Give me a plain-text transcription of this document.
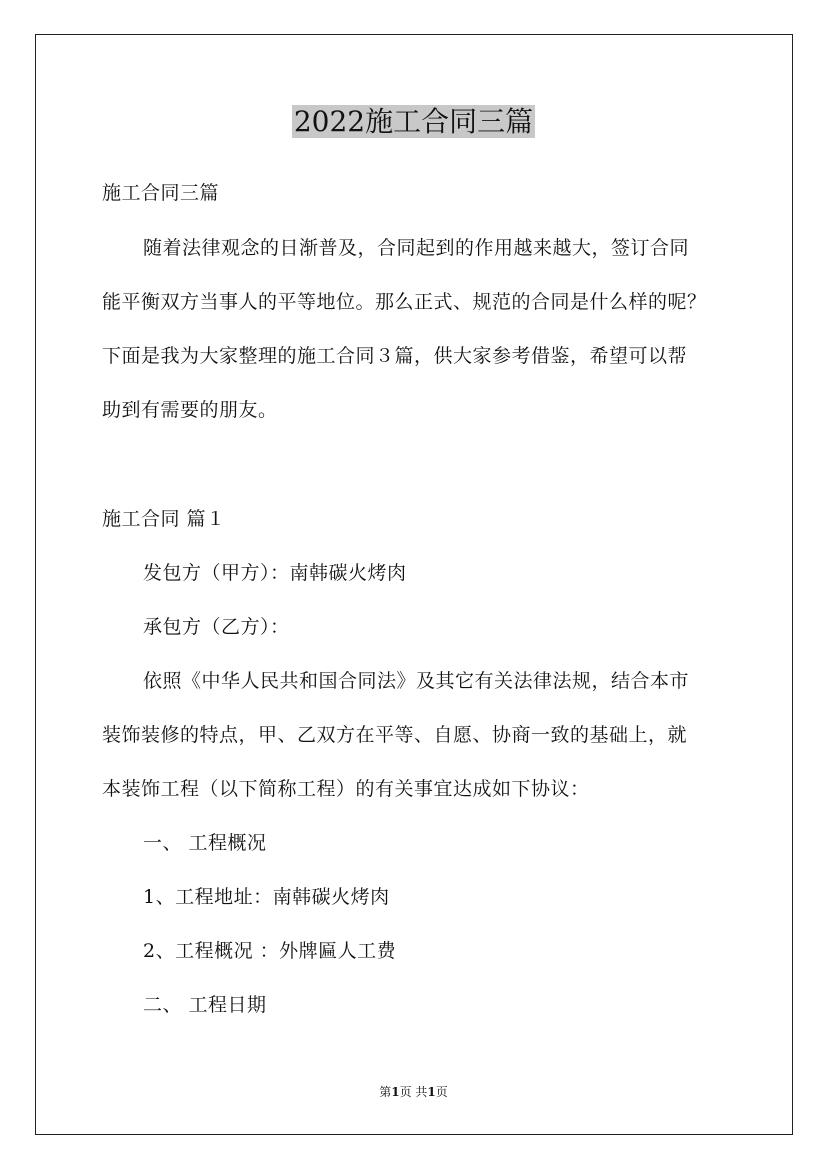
2022施工合同三篇
施工合同三篇
随着法律观念的日渐普及，合同起到的作用越来越大，签订合同
能平衡双方当事人的平等地位。那么正式、规范的合同是什么样的呢？
下面是我为大家整理的施工合同３篇，供大家参考借鉴，希望可以帮
助到有需要的朋友。
施工合同 篇１
发包方（甲方）：南韩碳火烤肉
承包方（乙方）：
依照《中华人民共和国合同法》及其它有关法律法规，结合本市
装饰装修的特点，甲、乙双方在平等、自愿、协商一致的基础上，就
本装饰工程（以下简称工程）的有关事宜达成如下协议：
一、 工程概况
1、工程地址：南韩碳火烤肉
2、工程概况 ：外牌匾人工费
二、 工程日期
第1页 共1页
